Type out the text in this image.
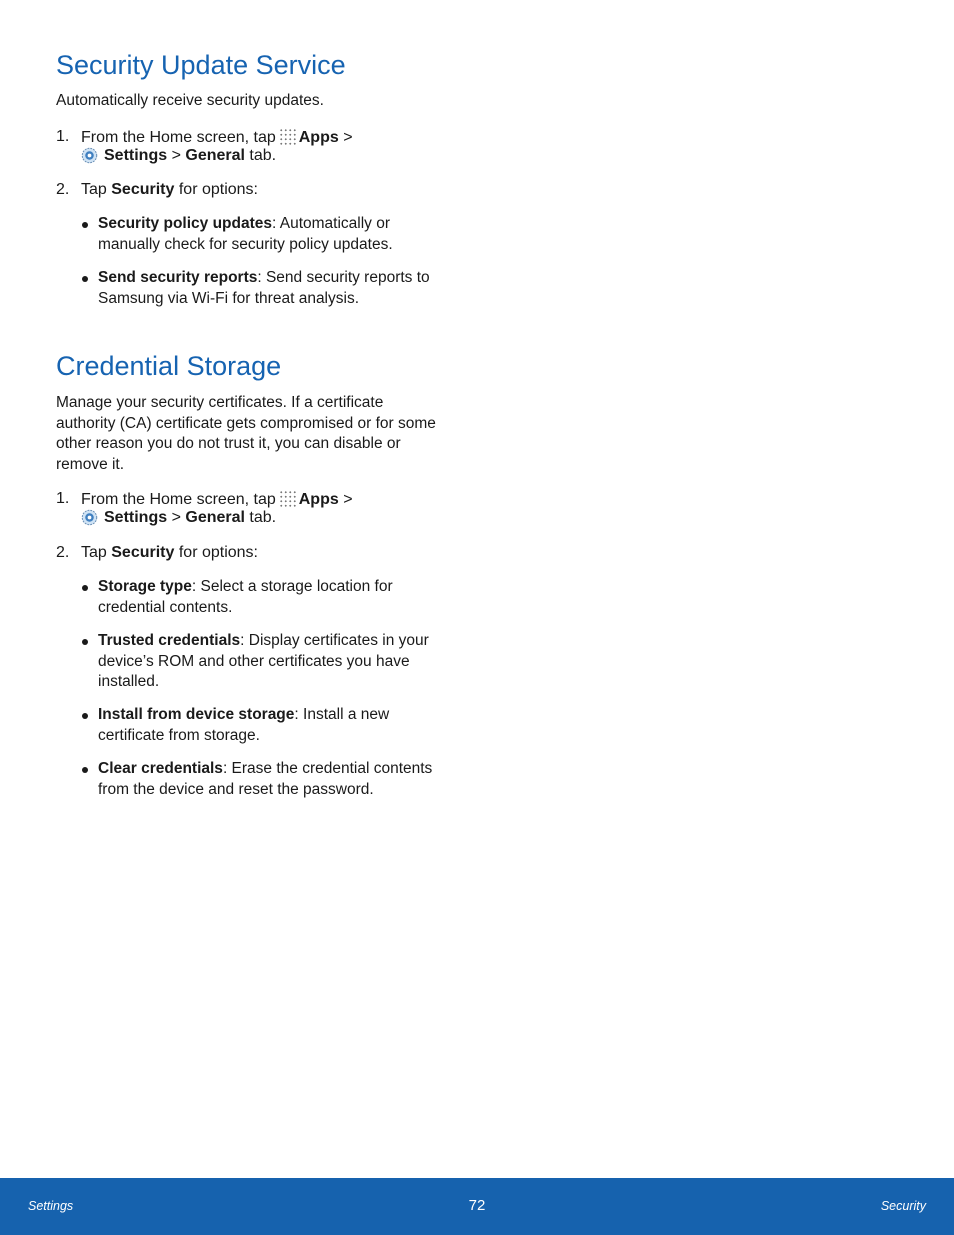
Security Update Service

Automatically receive security updates.

1. From the Home screen, tap Apps >
Settings > General tab.
2. Tap Security for options:
Security policy updates: Automatically or manually check for security policy updates.
Send security reports: Send security reports to Samsung via Wi-Fi for threat analysis.
Credential Storage

Manage your security certificates. If a certificate authority (CA) certificate gets compromised or for some other reason you do not trust it, you can disable or remove it.

1. From the Home screen, tap Apps >
Settings > General tab.
2. Tap Security for options:
Storage type: Select a storage location for credential contents.
Trusted credentials: Display certificates in your device’s ROM and other certificates you have installed.
Install from device storage: Install a new certificate from storage.
Clear credentials: Erase the credential contents from the device and reset the password.
Settings	72	Security
